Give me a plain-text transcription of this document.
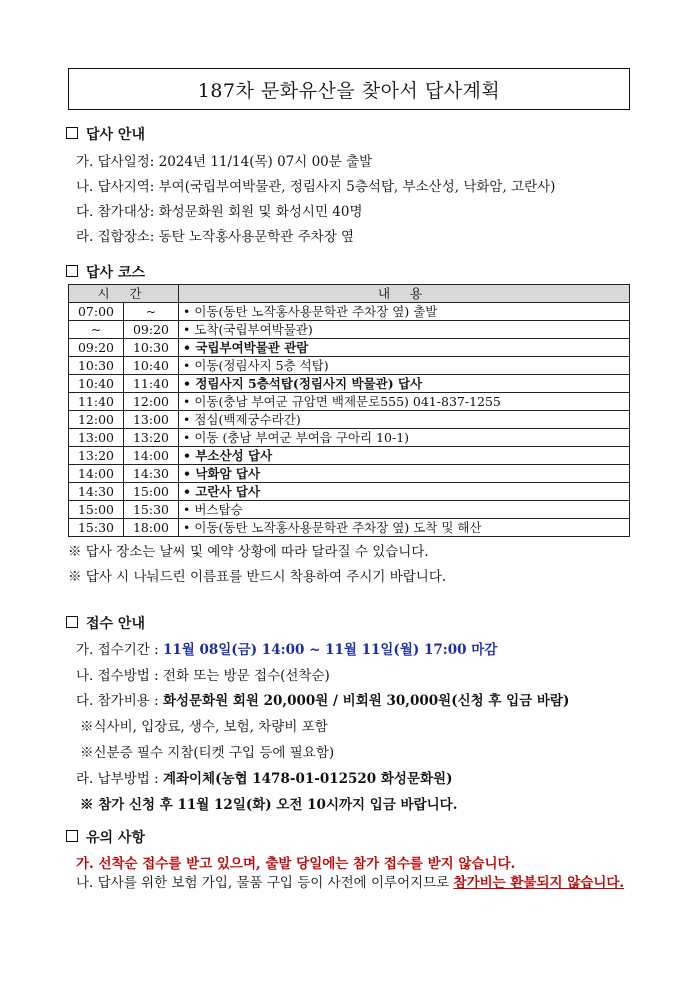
187차 문화유산을 찾아서 답사계획
답사 안내
가. 답사일정: 2024년 11/14(목) 07시 00분 출발
나. 답사지역: 부여(국립부여박물관, 정림사지 5층석탑, 부소산성, 낙화암, 고란사)
다. 참가대상: 화성문화원 회원 및 화성시민 40명
라. 집합장소: 동탄 노작홍사용문학관 주차장 옆
답사 코스
시 간		내 용
07:00	~	• 이동(동탄 노작홍사용문학관 주차장 옆) 출발
~	09:20	• 도착(국립부여박물관)
09:20	10:30	• 국립부여박물관 관람
10:30	10:40	• 이동(정림사지 5층 석탑)
10:40	11:40	• 정림사지 5층석탑(정림사지 박물관) 답사
11:40	12:00	• 이동(충남 부여군 규암면 백제문로555) 041-837-1255
12:00	13:00	• 점심(백제궁수라간)
13:00	13:20	• 이동 (충남 부여군 부여읍 구아리 10-1)
13:20	14:00	• 부소산성 답사
14:00	14:30	• 낙화암 답사
14:30	15:00	• 고란사 답사
15:00	15:30	• 버스탑승
15:30	18:00	• 이동(동탄 노작홍사용문학관 주차장 옆) 도착 및 해산
※ 답사 장소는 날씨 및 예약 상황에 따라 달라질 수 있습니다.
※ 답사 시 나눠드린 이름표를 반드시 착용하여 주시기 바랍니다.
접수 안내
가. 접수기간 : 11월 08일(금) 14:00 ~ 11월 11일(월) 17:00 마감
나. 접수방법 : 전화 또는 방문 접수(선착순)
다. 참가비용 : 화성문화원 회원 20,000원 / 비회원 30,000원(신청 후 입금 바람)
※식사비, 입장료, 생수, 보험, 차량비 포함
※신분증 필수 지참(티켓 구입 등에 필요함)
라. 납부방법 : 계좌이체(농협 1478-01-012520 화성문화원)
※ 참가 신청 후 11월 12일(화) 오전 10시까지 입금 바랍니다.
유의 사항
가. 선착순 접수를 받고 있으며, 출발 당일에는 참가 접수를 받지 않습니다.
나. 답사를 위한 보험 가입, 물품 구입 등이 사전에 이루어지므로 참가비는 환불되지 않습니다.
